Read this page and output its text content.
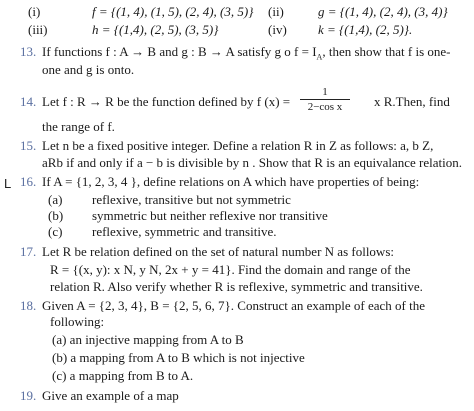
(i)	f = {(1, 4), (1, 5), (2, 4), (3, 5)} (ii)	g = {(1, 4), (2, 4), (3, 4)}
(iii)	h = {(1,4), (2, 5), (3, 5)}	(iv) k = {(1,4), (2, 5)}.
13. If functions f : A → B and g : B → A satisfy g o $f = I_A$, then show that f is one-
one and g is onto.
14. Let f : R → R be the function defined by f (x) =
1
2−cos x	x R.Then, find
the range of f.
15. Let n be a fixed positive integer. Define a relation R in Z as follows: a, b Z,
aRb if and only if a − b is divisible by n . Show that R is an equivalance relation.
16. If A = {1, 2, 3, 4 }, define relations on A which have properties of being:
L
(a) reflexive, transitive but not symmetric
(b) symmetric but neither reflexive nor transitive
(c) reflexive, symmetric and transitive.
17. Let R be relation defined on the set of natural number N as follows:
R = {(x, y): x N, y N, 2x + y = 41}. Find the domain and range of the
relation R. Also verify whether R is reflexive, symmetric and transitive.
18. Given A = {2, 3, 4}, B = {2, 5, 6, 7}. Construct an example of each of the
following:
(a) an injective mapping from A to B
(b) a mapping from A to B which is not injective
(c) a mapping from B to A.
19. Give an example of a map
